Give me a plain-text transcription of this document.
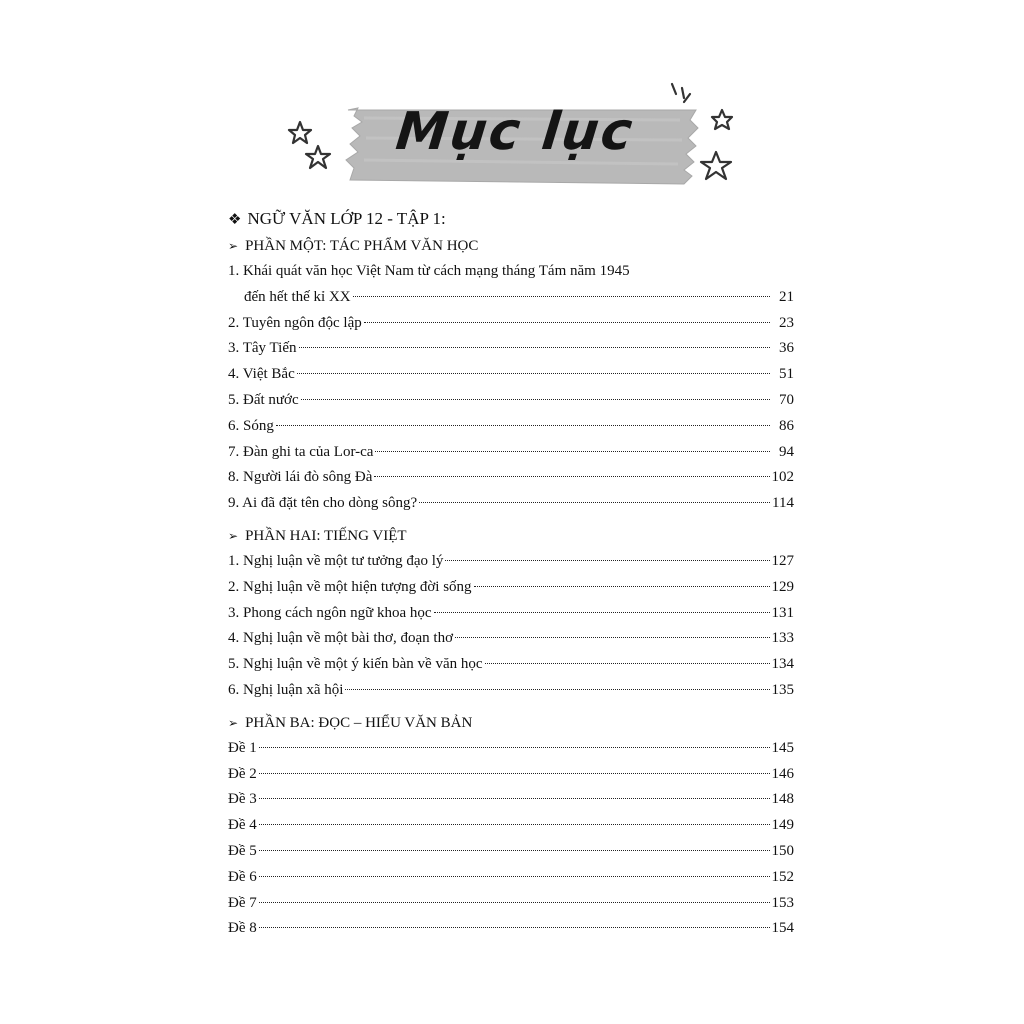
Mục lục
❖ NGỮ VĂN LỚP 12 - TẬP 1:
➢ PHẦN MỘT: TÁC PHẨM VĂN HỌC
1. Khái quát văn học Việt Nam từ cách mạng tháng Tám năm 1945
đến hết thế kỉ XX	21
2. Tuyên ngôn độc lập	23
3. Tây Tiến	36
4. Việt Bắc	51
5. Đất nước	70
6. Sóng	86
7. Đàn ghi ta của Lor-ca	94
8. Người lái đò sông Đà	102
9. Ai đã đặt tên cho dòng sông?	114
➢ PHẦN HAI: TIẾNG VIỆT
1. Nghị luận về một tư tưởng đạo lý	127
2. Nghị luận về một hiện tượng đời sống	129
3. Phong cách ngôn ngữ khoa học	131
4. Nghị luận về một bài thơ, đoạn thơ	133
5. Nghị luận về một ý kiến bàn về văn học	134
6. Nghị luận xã hội	135
➢ PHẦN BA: ĐỌC – HIỂU VĂN BẢN
Đề 1	145
Đề 2	146
Đề 3	148
Đề 4	149
Đề 5	150
Đề 6	152
Đề 7	153
Đề 8	154
